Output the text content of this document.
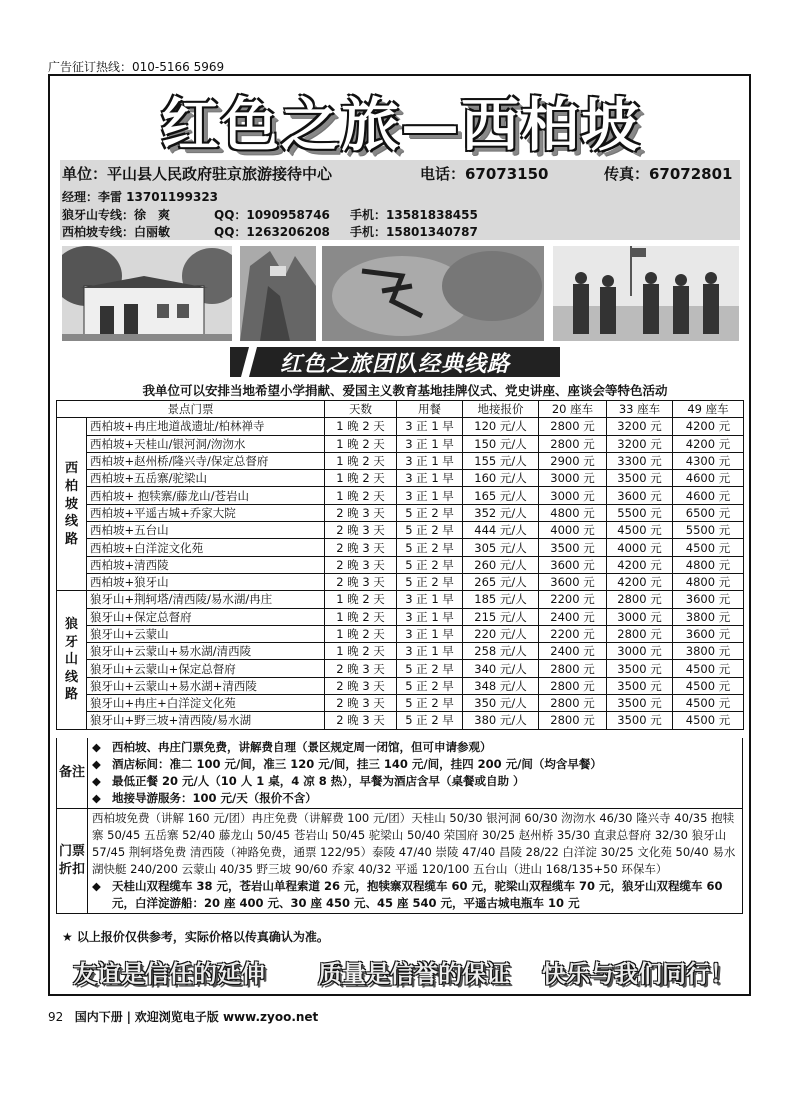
广告征订热线：010-5166 5969
红色之旅—西柏坡
单位：平山县人民政府驻京旅游接待中心	电话：67073150	传真：67072801
经理：李雷 13701199323
狼牙山专线：徐　爽	QQ：1090958746 手机：13581838455
西柏坡专线：白丽敏	QQ：1263206208 手机：15801340787
红色之旅团队经典线路
我单位可以安排当地希望小学捐献、爱国主义教育基地挂牌仪式、党史讲座、座谈会等特色活动
景点门票		天数	用餐	地接报价	20 座车	33 座车	49 座车

西柏坡线路	西柏坡+冉庄地道战遗址/柏林禅寺	1 晚 2 天	3 正 1 早	120 元/人	2800 元	3200 元	4200 元
	西柏坡+天桂山/银河洞/沕沕水	1 晚 2 天	3 正 1 早	150 元/人	2800 元	3200 元	4200 元
	西柏坡+赵州桥/隆兴寺/保定总督府	1 晚 2 天	3 正 1 早	155 元/人	2900 元	3300 元	4300 元
	西柏坡+五岳寨/驼梁山	1 晚 2 天	3 正 1 早	160 元/人	3000 元	3500 元	4600 元
	西柏坡+ 抱犊寨/藤龙山/苍岩山	1 晚 2 天	3 正 1 早	165 元/人	3000 元	3600 元	4600 元
	西柏坡+平遥古城+乔家大院	2 晚 3 天	5 正 2 早	352 元/人	4800 元	5500 元	6500 元
	西柏坡+五台山	2 晚 3 天	5 正 2 早	444 元/人	4000 元	4500 元	5500 元
	西柏坡+白洋淀文化苑	2 晚 3 天	5 正 2 早	305 元/人	3500 元	4000 元	4500 元
	西柏坡+清西陵	2 晚 3 天	5 正 2 早	260 元/人	3600 元	4200 元	4800 元
	西柏坡+狼牙山	2 晚 3 天	5 正 2 早	265 元/人	3600 元	4200 元	4800 元

狼牙山线路	狼牙山+荆轲塔/清西陵/易水湖/冉庄	1 晚 2 天	3 正 1 早	185 元/人	2200 元	2800 元	3600 元
	狼牙山+保定总督府	1 晚 2 天	3 正 1 早	215 元/人	2400 元	3000 元	3800 元
	狼牙山+云蒙山	1 晚 2 天	3 正 1 早	220 元/人	2200 元	2800 元	3600 元
	狼牙山+云蒙山+易水湖/清西陵	1 晚 2 天	3 正 1 早	258 元/人	2400 元	3000 元	3800 元
	狼牙山+云蒙山+保定总督府	2 晚 3 天	5 正 2 早	340 元/人	2800 元	3500 元	4500 元
	狼牙山+云蒙山+易水湖+清西陵	2 晚 3 天	5 正 2 早	348 元/人	2800 元	3500 元	4500 元
	狼牙山+冉庄+白洋淀文化苑	2 晚 3 天	5 正 2 早	350 元/人	2800 元	3500 元	4500 元
	狼牙山+野三坡+清西陵/易水湖	2 晚 3 天	5 正 2 早	380 元/人	2800 元	3500 元	4500 元
备注
◆ 西柏坡、冉庄门票免费，讲解费自理（景区规定周一闭馆，但可申请参观）
◆ 酒店标间：准二 100 元/间，准三 120 元/间，挂三 140 元/间，挂四 200 元/间（均含早餐）
◆ 最低正餐 20 元/人（10 人 1 桌，4 凉 8 热），早餐为酒店含早（桌餐或自助 ）
◆ 地接导游服务：100 元/天（报价不含）
门票折扣
西柏坡免费（讲解 160 元/团）冉庄免费（讲解费 100 元/团）天桂山 50/30 银河洞 60/30 沕沕水 46/30 隆兴寺 40/35 抱犊寨 50/45 五岳寨 52/40 藤龙山 50/45 苍岩山 50/45 驼梁山 50/40 荣国府 30/25 赵州桥 35/30 直隶总督府 32/30 狼牙山 57/45 荆轲塔免费 清西陵（神路免费，通票 122/95）泰陵 47/40 崇陵 47/40 昌陵 28/22 白洋淀 30/25 文化苑 50/40 易水湖快艇 240/200 云蒙山 40/35 野三坡 90/60 乔家 40/32 平遥 120/100 五台山（进山 168/135+50 环保车）
◆ 天桂山双程缆车 38 元，苍岩山单程索道 26 元，抱犊寨双程缆车 60 元，驼梁山双程缆车 70 元，狼牙山双程缆车 60 元，白洋淀游船：20 座 400 元、30 座 450 元、45 座 540 元，平遥古城电瓶车 10 元
★ 以上报价仅供参考，实际价格以传真确认为准。
友谊是信任的延伸	质量是信誉的保证	快乐与我们同行！
92 国内下册 | 欢迎浏览电子版 www.zyoo.net
